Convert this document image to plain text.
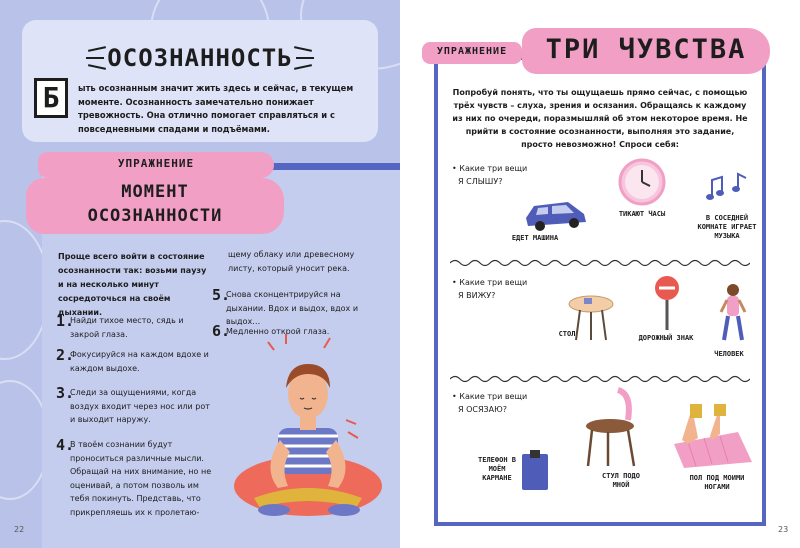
ОСОЗНАННОСТЬ
Б	ыть осознанным значит жить здесь и сейчас, в текущем моменте. Осознанность замечательно понижает тревожность. Она отлично помогает справляться и с повседневными спадами и подъёмами.
УПРАЖНЕНИЕ
МОМЕНТ
ОСОЗНАННОСТИ
Проще всего войти в состояние осознанности так: возьми паузу и на несколько минут сосредоточься на своём дыхании.
1.
Найди тихое место, сядь и закрой глаза.
2.
Фокусируйся на каждом вдохе и каждом выдохе.
3.
Следи за ощущениями, когда воздух входит через нос или рот и выходит наружу.
4.
В твоём сознании будут проноситься различные мысли. Обращай на них внимание, но не оценивай, а потом позволь им тебя покинуть. Представь, что прикрепляешь их к пролетаю-
щему облаку или древесному листу, который уносит река.
5.
Снова сконцентрируйся на дыхании. Вдох и выдох, вдох и выдох…
6.
Медленно открой глаза.
22
УПРАЖНЕНИЕ	ТРИ ЧУВСТВА
Попробуй понять, что ты ощущаешь прямо сейчас, с помощью трёх чувств – слуха, зрения и осязания. Обращаясь к каждому из них по очереди, поразмышляй об этом некоторое время. Не прийти в состояние осознанности, выполняя это задание, просто невозможно! Спроси себя:
• Какие три вещи
Я СЛЫШУ?
ЕДЕТ МАШИНА
ТИКАЮТ ЧАСЫ	В СОСЕДНЕЙ КОМНАТЕ ИГРАЕТ МУЗЫКА
• Какие три вещи
Я ВИЖУ?
СТОЛ	ДОРОЖНЫЙ ЗНАК
ЧЕЛОВЕК
• Какие три вещи
Я ОСЯЗАЮ?
ТЕЛЕФОН В МОЁМ КАРМАНЕ	СТУЛ ПОДО МНОЙ
ПОЛ ПОД МОИМИ НОГАМИ
23
